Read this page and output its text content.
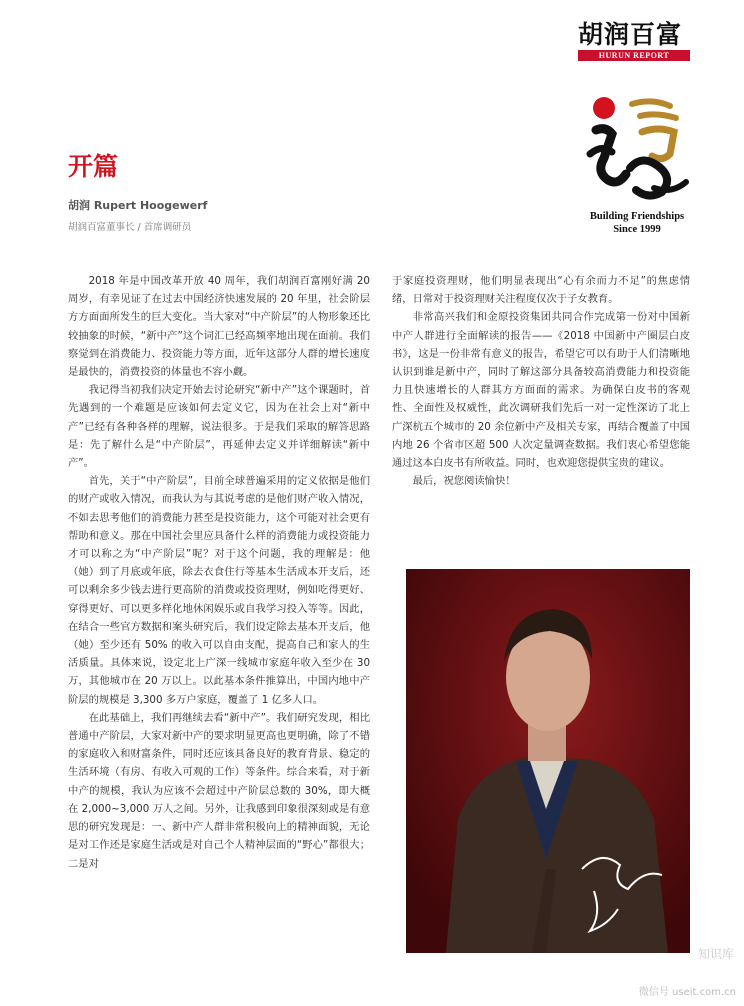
胡润百富
HURUN REPORT
Building Friendships
Since 1999
开篇
胡润 Rupert Hoogewerf
胡润百富董事长 / 首席调研员

2018 年是中国改革开放 40 周年，我们胡润百富刚好满 20 周岁，有幸见证了在过去中国经济快速发展的 20 年里，社会阶层方方面面所发生的巨大变化。当大家对“中产阶层”的人物形象还比较抽象的时候，“新中产”这个词汇已经高频率地出现在面前。我们察觉到在消费能力、投资能力等方面，近年这部分人群的增长速度是最快的，消费投资的体量也不容小觑。

我记得当初我们决定开始去讨论研究“新中产”这个课题时，首先遇到的一个难题是应该如何去定义它，因为在社会上对“新中产”已经有各种各样的理解，说法很多。于是我们采取的解答思路是：先了解什么是“中产阶层”，再延伸去定义并详细解读“新中产”。

首先，关于“中产阶层”，目前全球普遍采用的定义依据是他们的财产或收入情况，而我认为与其说考虑的是他们财产收入情况，不如去思考他们的消费能力甚至是投资能力，这个可能对社会更有帮助和意义。那在中国社会里应具备什么样的消费能力或投资能力才可以称之为“中产阶层”呢？对于这个问题，我的理解是：他（她）到了月底或年底，除去衣食住行等基本生活成本开支后，还可以剩余多少钱去进行更高阶的消费或投资理财，例如吃得更好、穿得更好、可以更多样化地休闲娱乐或自我学习投入等等。因此，在结合一些官方数据和案头研究后，我们设定除去基本开支后，他（她）至少还有 50% 的收入可以自由支配，提高自己和家人的生活质量。具体来说，设定北上广深一线城市家庭年收入至少在 30 万，其他城市在 20 万以上。以此基本条件推算出，中国内地中产阶层的规模是 3,300 多万户家庭，覆盖了 1 亿多人口。

在此基础上，我们再继续去看“新中产”。我们研究发现，相比普通中产阶层，大家对新中产的要求明显更高也更明确，除了不错的家庭收入和财富条件，同时还应该具备良好的教育背景、稳定的生活环境（有房、有收入可观的工作）等条件。综合来看，对于新中产的规模，我认为应该不会超过中产阶层总数的 30%，即大概在 2,000~3,000 万人之间。另外，让我感到印象很深刻或是有意思的研究发现是：一、新中产人群非常积极向上的精神面貌，无论是对工作还是家庭生活或是对自己个人精神层面的“野心”都很大；二是对

于家庭投资理财，他们明显表现出“心有余而力不足”的焦虑情绪，日常对于投资理财关注程度仅次于子女教育。

非常高兴我们和金原投资集团共同合作完成第一份对中国新中产人群进行全面解读的报告——《2018 中国新中产圈层白皮书》，这是一份非常有意义的报告，希望它可以有助于人们清晰地认识到谁是新中产，同时了解这部分具备较高消费能力和投资能力且快速增长的人群其方方面面的需求。为确保白皮书的客观性、全面性及权威性，此次调研我们先后一对一定性深访了北上广深杭五个城市的 20 余位新中产及相关专家，再结合覆盖了中国内地 26 个省市区超 500 人次定量调查数据。我们衷心希望您能通过这本白皮书有所收益。同时，也欢迎您提供宝贵的建议。

最后，祝您阅读愉快！

知识库
微信号 useit.com.cn
